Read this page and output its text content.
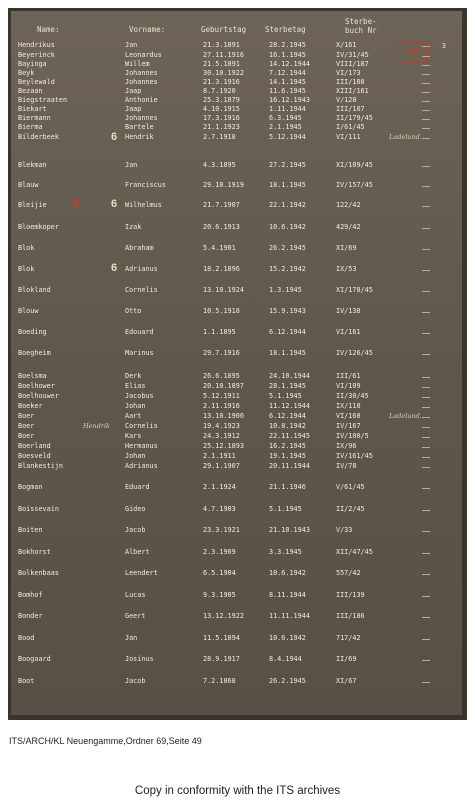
Name:	Vorname:	Geburtstag	Sterbetag
Sterbe-
buch Nr
49
3
Hendrikus	Jan	21.3.1891	28.2.1945	X/161
Beyerinck	Leonardus	27.11.1916	16.1.1945	IV/31/45
Bayinga	Willem	21.5.1891	14.12.1944	VIII/187
Beyk	Johannes	30.10.1922	7.12.1944	VI/173
Beylewald	Johannes	21.3.1916	14.1.1945	III/108
Bezaan	Jaap	8.7.1920	11.6.1945	XIII/161
Biegstraaten	Anthonie	25.3.1879	16.12.1943	V/128
Biekart	Jaap	4.10.1915	1.11.1944	III/107
Biermann	Johannes	17.3.1916	6.3.1945	II/179/45
Bierma	Bartele	21.1.1923	2.1.1945	I/61/45
Bilderbeek	Hendrik	2.7.1918	5.12.1944	VI/111
Blekman	Jan	4.3.1895	27.2.1945	XI/109/45
Blauw	Franciscus	29.10.1919	18.1.1945	IV/157/45
Bleijie	Wilhelmus	21.7.1907	22.1.1942	122/42
Bloemkoper	Izak	20.6.1913	10.6.1942	429/42
Blok	Abraham	5.4.1901	26.2.1945	XI/69
Blok	Adrianus	18.2.1896	15.2.1942	IX/53
Blokland	Cornelis	13.10.1924	1.3.1945	XI/178/45
Blouw	Otto	10.5.1918	15.9.1943	IV/138
Boeding	Edouard	1.1.1895	6.12.1944	VI/161
Boegheim	Marinus	29.7.1916	18.1.1945	IV/126/45
Boelsma	Derk	26.6.1895	24.10.1944	III/61
Boelhower	Elias	20.10.1897	28.1.1945	VI/109
Boelhouwer	Jacobus	5.12.1911	5.1.1945	II/30/45
Boeker	Johan	2.11.1916	11.12.1944	IX/110
Boer	Aart	13.10.1900	6.12.1944	VI/168
Boer	Cornelis	19.4.1923	10.8.1942	IV/167
Boer	Kars	24.3.1912	22.11.1945	IV/100/5
Boerland	Hermanus	25.12.1893	16.2.1945	IX/96
Boesveld	Johan	2.1.1911	19.1.1945	IV/161/45
Blankestijn	Adrianus	29.1.1907	20.11.1944	IV/78
Bogman	Eduard	2.1.1924	21.1.1946	V/61/45
Boissevain	Gideo	4.7.1903	5.1.1945	II/2/45
Boiten	Jacob	23.3.1921	21.10.1943	V/33
Bokhorst	Albert	2.3.1909	3.3.1945	XII/47/45
Bolkenbaas	Leendert	6.5.1904	10.6.1942	557/42
Bomhof	Lucas	9.3.1905	8.11.1944	III/139
Bonder	Geert	13.12.1922	11.11.1944	III/186
Bood	Jan	11.5.1894	10.6.1942	717/42
Boogaard	Josinus	28.9.1917	8.4.1944	II/69
Boot	Jacob	7.2.1868	26.2.1945	XI/67
6
5	6
6
Ladelund.
Ladelund.
Hendrik
ITS/ARCH/KL Neuengamme,Ordner 69,Seite 49
Copy in conformity with the ITS archives
